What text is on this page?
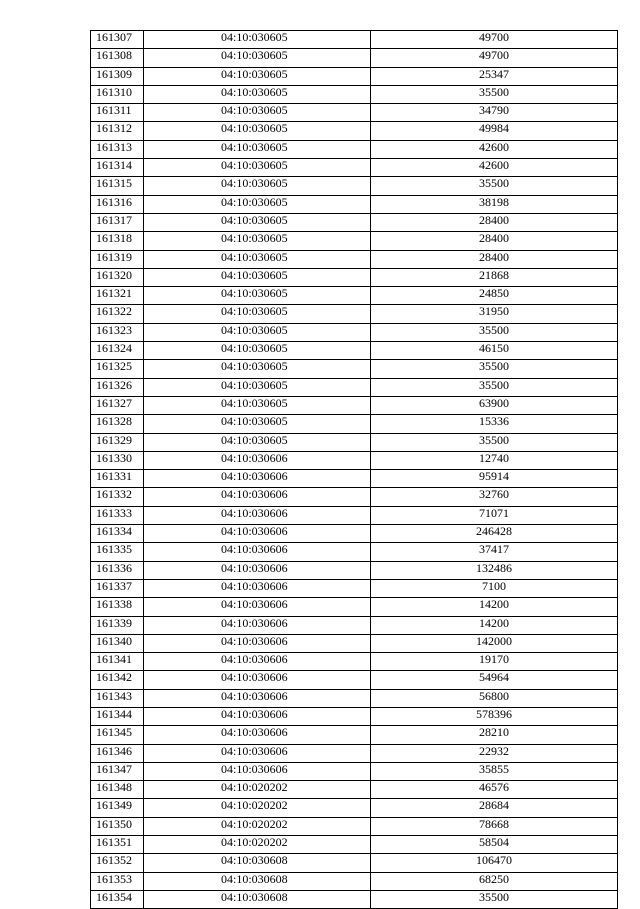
161307	04:10:030605	49700
161308	04:10:030605	49700
161309	04:10:030605	25347
161310	04:10:030605	35500
161311	04:10:030605	34790
161312	04:10:030605	49984
161313	04:10:030605	42600
161314	04:10:030605	42600
161315	04:10:030605	35500
161316	04:10:030605	38198
161317	04:10:030605	28400
161318	04:10:030605	28400
161319	04:10:030605	28400
161320	04:10:030605	21868
161321	04:10:030605	24850
161322	04:10:030605	31950
161323	04:10:030605	35500
161324	04:10:030605	46150
161325	04:10:030605	35500
161326	04:10:030605	35500
161327	04:10:030605	63900
161328	04:10:030605	15336
161329	04:10:030605	35500
161330	04:10:030606	12740
161331	04:10:030606	95914
161332	04:10:030606	32760
161333	04:10:030606	71071
161334	04:10:030606	246428
161335	04:10:030606	37417
161336	04:10:030606	132486
161337	04:10:030606	7100
161338	04:10:030606	14200
161339	04:10:030606	14200
161340	04:10:030606	142000
161341	04:10:030606	19170
161342	04:10:030606	54964
161343	04:10:030606	56800
161344	04:10:030606	578396
161345	04:10:030606	28210
161346	04:10:030606	22932
161347	04:10:030606	35855
161348	04:10:020202	46576
161349	04:10:020202	28684
161350	04:10:020202	78668
161351	04:10:020202	58504
161352	04:10:030608	106470
161353	04:10:030608	68250
161354	04:10:030608	35500
